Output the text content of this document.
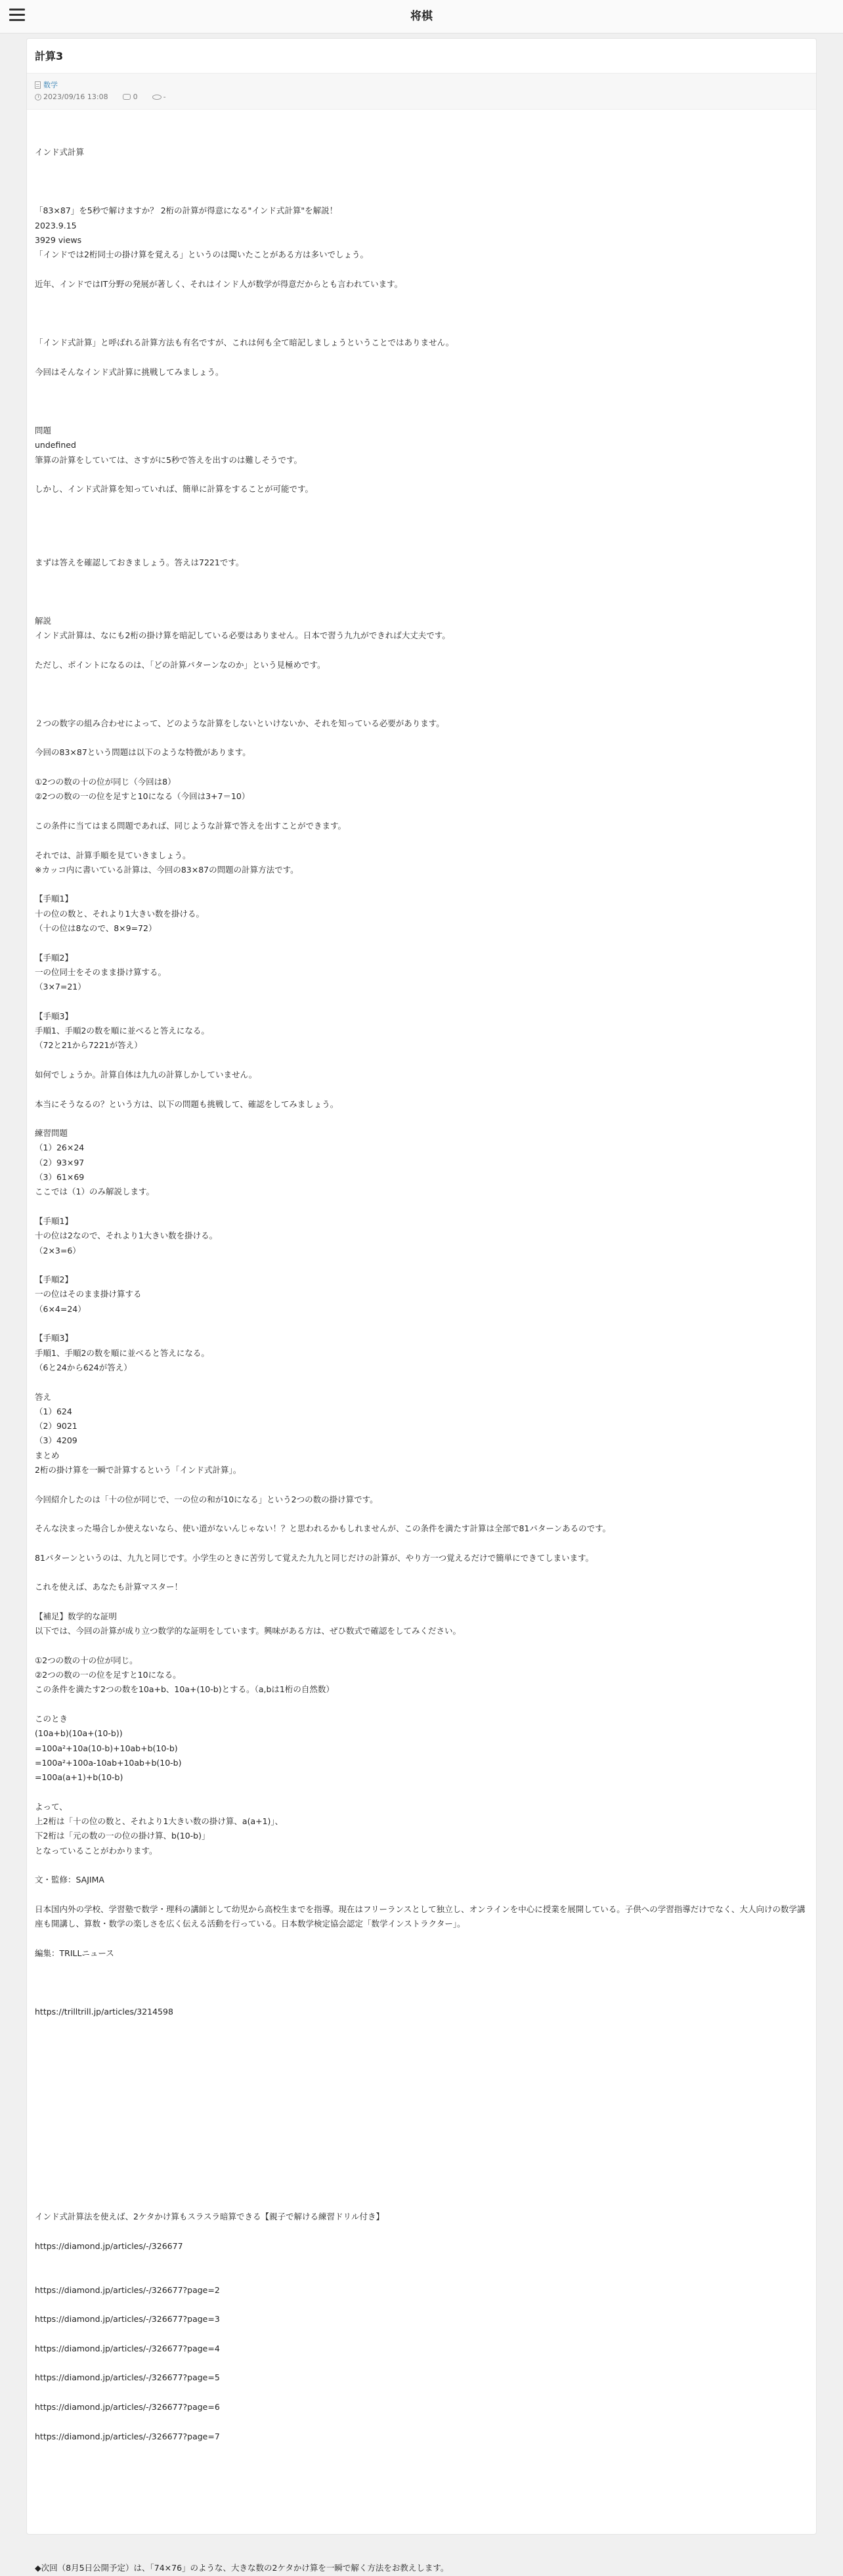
将棋
計算3
数学
2023/09/16 13:08	0	-
インド式計算
「83×87」を5秒で解けますか？ 2桁の計算が得意になる"インド式計算"を解説！
2023.9.15
3929 views
「インドでは2桁同士の掛け算を覚える」というのは聞いたことがある方は多いでしょう。
近年、インドではIT分野の発展が著しく、それはインド人が数学が得意だからとも言われています。
「インド式計算」と呼ばれる計算方法も有名ですが、これは何も全て暗記しましょうということではありません。
今回はそんなインド式計算に挑戦してみましょう。
問題
undefined
筆算の計算をしていては、さすがに5秒で答えを出すのは難しそうです。
しかし、インド式計算を知っていれば、簡単に計算をすることが可能です。
まずは答えを確認しておきましょう。答えは7221です。
解説
インド式計算は、なにも2桁の掛け算を暗記している必要はありません。日本で習う九九ができれば大丈夫です。
ただし、ポイントになるのは、「どの計算パターンなのか」という見極めです。
２つの数字の組み合わせによって、どのような計算をしないといけないか、それを知っている必要があります。
今回の83×87という問題は以下のような特徴があります。
①2つの数の十の位が同じ（今回は8）
②2つの数の一の位を足すと10になる（今回は3+7＝10）
この条件に当てはまる問題であれば、同じような計算で答えを出すことができます。
それでは、計算手順を見ていきましょう。
※カッコ内に書いている計算は、今回の83×87の問題の計算方法です。
【手順1】
十の位の数と、それより1大きい数を掛ける。
（十の位は8なので、8×9=72）
【手順2】
一の位同士をそのまま掛け算する。
（3×7=21）
【手順3】
手順1、手順2の数を順に並べると答えになる。
（72と21から7221が答え）
如何でしょうか。計算自体は九九の計算しかしていません。
本当にそうなるの？という方は、以下の問題も挑戦して、確認をしてみましょう。
練習問題
（1）26×24
（2）93×97
（3）61×69
ここでは（1）のみ解説します。
【手順1】
十の位は2なので、それより1大きい数を掛ける。
（2×3=6）
【手順2】
一の位はそのまま掛け算する
（6×4=24）
【手順3】
手順1、手順2の数を順に並べると答えになる。
（6と24から624が答え）
答え
（1）624
（2）9021
（3）4209
まとめ
2桁の掛け算を一瞬で計算するという「インド式計算」。
今回紹介したのは「十の位が同じで、一の位の和が10になる」という2つの数の掛け算です。
そんな決まった場合しか使えないなら、使い道がないんじゃない！？と思われるかもしれませんが、この条件を満たす計算は全部で81パターンあるのです。
81パターンというのは、九九と同じです。小学生のときに苦労して覚えた九九と同じだけの計算が、やり方一つ覚えるだけで簡単にできてしまいます。
これを使えば、あなたも計算マスター！
【補足】数学的な証明
以下では、今回の計算が成り立つ数学的な証明をしています。興味がある方は、ぜひ数式で確認をしてみください。
①2つの数の十の位が同じ。
②2つの数の一の位を足すと10になる。
この条件を満たす2つの数を10a+b、10a+(10-b)とする。（a,bは1桁の自然数）
このとき
(10a+b)(10a+(10-b))
=100a²+10a(10-b)+10ab+b(10-b)
=100a²+100a-10ab+10ab+b(10-b)
=100a(a+1)+b(10-b)
よって、
上2桁は「十の位の数と、それより1大きい数の掛け算、a(a+1)」、
下2桁は「元の数の一の位の掛け算、b(10-b)」
となっていることがわかります。
文・監修：SAJIMA
日本国内外の学校、学習塾で数学・理科の講師として幼児から高校生までを指導。現在はフリーランスとして独立し、オンラインを中心に授業を展開している。子供への学習指導だけでなく、大人向けの数学講座も開講し、算数・数学の楽しさを広く伝える活動を行っている。日本数学検定協会認定「数学インストラクター」。
編集：TRILLニュース
https://trilltrill.jp/articles/3214598
インド式計算法を使えば、2ケタかけ算もスラスラ暗算できる【親子で解ける練習ドリル付き】
https://diamond.jp/articles/-/326677
https://diamond.jp/articles/-/326677?page=2
https://diamond.jp/articles/-/326677?page=3
https://diamond.jp/articles/-/326677?page=4
https://diamond.jp/articles/-/326677?page=5
https://diamond.jp/articles/-/326677?page=6
https://diamond.jp/articles/-/326677?page=7
◆次回（8月5日公開予定）は、「74×76」のような、大きな数の2ケタかけ算を一瞬で解く方法をお教えします。
